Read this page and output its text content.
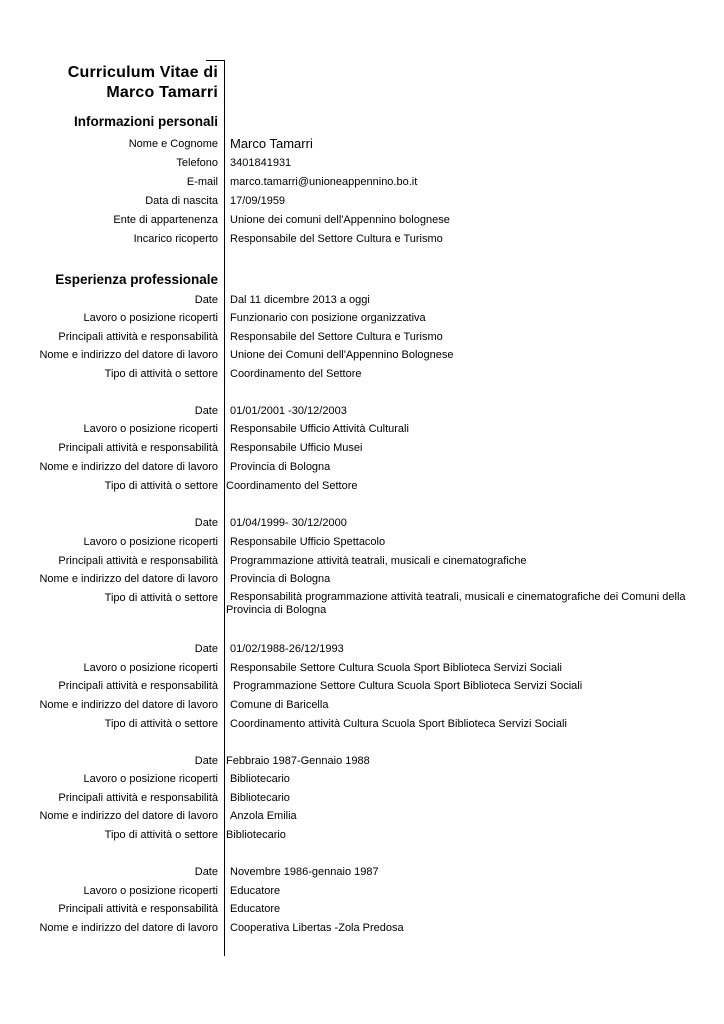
Curriculum Vitae di
Marco Tamarri
Informazioni personali
Nome e Cognome Marco Tamarri
Telefono 3401841931
E-mail marco.tamarri@unioneappennino.bo.it
Data di nascita 17/09/1959
Ente di appartenenza Unione dei comuni dell'Appennino bolognese
Incarico ricoperto Responsabile del Settore Cultura e Turismo
Esperienza professionale
Date Dal 11 dicembre 2013 a oggi
Lavoro o posizione ricoperti Funzionario con posizione organizzativa
Principali attività e responsabilità Responsabile del Settore Cultura e Turismo
Nome e indirizzo del datore di lavoro Unione dei Comuni dell'Appennino Bolognese
Tipo di attività o settore Coordinamento del Settore
Date 01/01/2001 -30/12/2003
Lavoro o posizione ricoperti Responsabile Ufficio Attività Culturali
Principali attività e responsabilità Responsabile Ufficio Musei
Nome e indirizzo del datore di lavoro Provincia di Bologna
Tipo di attività o settore Coordinamento del Settore
Date 01/04/1999- 30/12/2000
Lavoro o posizione ricoperti Responsabile Ufficio Spettacolo
Principali attività e responsabilità Programmazione attività teatrali, musicali e cinematografiche
Nome e indirizzo del datore di lavoro Provincia di Bologna
Tipo di attività o settore	Responsabilità programmazione attività teatrali, musicali e cinematografiche dei Comuni della Provincia di Bologna
Date 01/02/1988-26/12/1993
Lavoro o posizione ricoperti Responsabile Settore Cultura Scuola Sport Biblioteca Servizi Sociali
Principali attività e responsabilità Programmazione Settore Cultura Scuola Sport Biblioteca Servizi Sociali
Nome e indirizzo del datore di lavoro Comune di Baricella
Tipo di attività o settore Coordinamento attività Cultura Scuola Sport Biblioteca Servizi Sociali
Date Febbraio 1987-Gennaio 1988
Lavoro o posizione ricoperti Bibliotecario
Principali attività e responsabilità Bibliotecario
Nome e indirizzo del datore di lavoro Anzola Emilia
Tipo di attività o settore Bibliotecario
Date Novembre 1986-gennaio 1987
Lavoro o posizione ricoperti Educatore
Principali attività e responsabilità Educatore
Nome e indirizzo del datore di lavoro Cooperativa Libertas -Zola Predosa
